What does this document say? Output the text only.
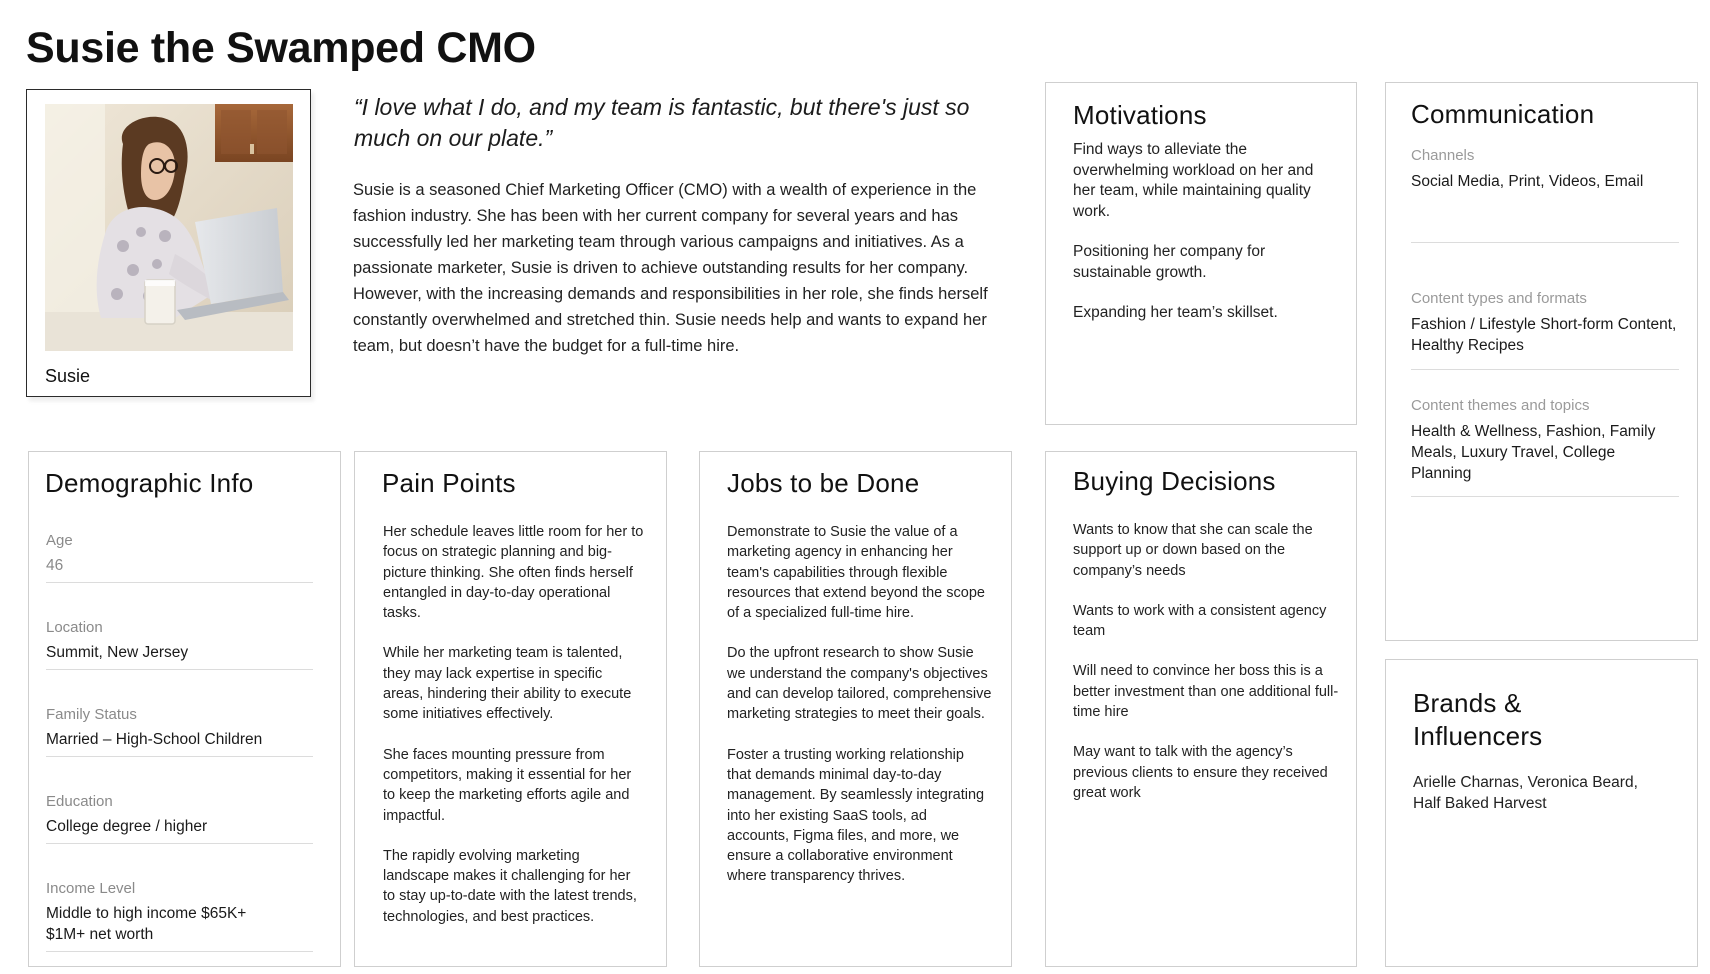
Susie the Swamped CMO
Susie

“I love what I do, and my team is fantastic, but there's just so much on our plate.”

Susie is a seasoned Chief Marketing Officer (CMO) with a wealth of experience in the fashion industry. She has been with her current company for several years and has successfully led her marketing team through various campaigns and initiatives. As a passionate marketer, Susie is driven to achieve outstanding results for her company. However, with the increasing demands and responsibilities in her role, she finds herself constantly overwhelmed and stretched thin. Susie needs help and wants to expand her team, but doesn’t have the budget for a full-time hire.

Motivations

Find ways to alleviate the overwhelming workload on her and her team, while maintaining quality work.

Positioning her company for sustainable growth.

Expanding her team’s skillset.

Communication
Channels
Social Media, Print, Videos, Email
Content types and formats
Fashion / Lifestyle Short-form Content, Healthy Recipes
Content themes and topics
Health & Wellness, Fashion, Family Meals, Luxury Travel, College Planning
Demographic Info
Age
46
Location
Summit, New Jersey
Family Status
Married – High-School Children
Education
College degree / higher
Income Level
Middle to high income $65K+
$1M+ net worth
Pain Points

Her schedule leaves little room for her to focus on strategic planning and big-picture thinking. She often finds herself entangled in day-to-day operational tasks.

While her marketing team is talented, they may lack expertise in specific areas, hindering their ability to execute some initiatives effectively.

She faces mounting pressure from competitors, making it essential for her to keep the marketing efforts agile and impactful.

The rapidly evolving marketing landscape makes it challenging for her to stay up-to-date with the latest trends, technologies, and best practices.

Jobs to be Done

Demonstrate to Susie the value of a marketing agency in enhancing her team's capabilities through flexible resources that extend beyond the scope of a specialized full-time hire.

Do the upfront research to show Susie we understand the company's objectives and can develop tailored, comprehensive marketing strategies to meet their goals.

Foster a trusting working relationship that demands minimal day-to-day management. By seamlessly integrating into her existing SaaS tools, ad accounts, Figma files, and more, we ensure a collaborative environment where transparency thrives.

Buying Decisions

Wants to know that she can scale the support up or down based on the company’s needs

Wants to work with a consistent agency team

Will need to convince her boss this is a better investment than one additional full-time hire

May want to talk with the agency’s previous clients to ensure they received great work

Brands & Influencers
Arielle Charnas, Veronica Beard, Half Baked Harvest
